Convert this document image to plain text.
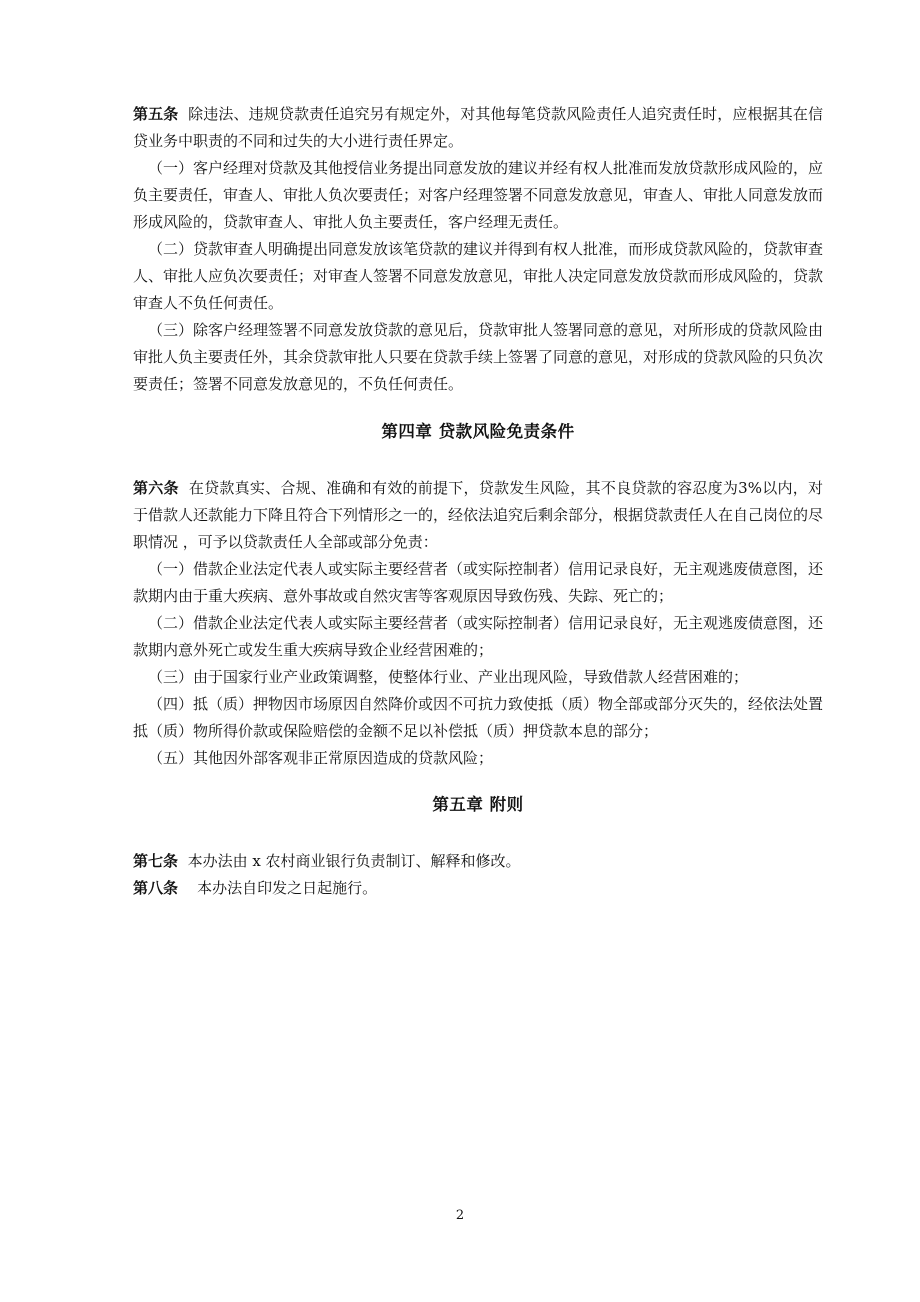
第五条 除违法、违规贷款责任追究另有规定外，对其他每笔贷款风险责任人追究责任时，应根据其在信贷业务中职责的不同和过失的大小进行责任界定。

（一）客户经理对贷款及其他授信业务提出同意发放的建议并经有权人批准而发放贷款形成风险的，应负主要责任，审查人、审批人负次要责任；对客户经理签署不同意发放意见，审查人、审批人同意发放而形成风险的，贷款审查人、审批人负主要责任，客户经理无责任。

（二）贷款审查人明确提出同意发放该笔贷款的建议并得到有权人批准，而形成贷款风险的，贷款审查人、审批人应负次要责任；对审查人签署不同意发放意见，审批人决定同意发放贷款而形成风险的，贷款审查人不负任何责任。

（三）除客户经理签署不同意发放贷款的意见后，贷款审批人签署同意的意见，对所形成的贷款风险由审批人负主要责任外，其余贷款审批人只要在贷款手续上签署了同意的意见，对形成的贷款风险的只负次要责任；签署不同意发放意见的，不负任何责任。

第四章 贷款风险免责条件

第六条 在贷款真实、合规、准确和有效的前提下，贷款发生风险，其不良贷款的容忍度为3%以内，对于借款人还款能力下降且符合下列情形之一的，经依法追究后剩余部分，根据贷款责任人在自己岗位的尽职情况 ，可予以贷款责任人全部或部分免责：

（一）借款企业法定代表人或实际主要经营者（或实际控制者）信用记录良好，无主观逃废债意图，还款期内由于重大疾病、意外事故或自然灾害等客观原因导致伤残、失踪、死亡的；

（二）借款企业法定代表人或实际主要经营者（或实际控制者）信用记录良好，无主观逃废债意图，还款期内意外死亡或发生重大疾病导致企业经营困难的；

（三）由于国家行业产业政策调整，使整体行业、产业出现风险，导致借款人经营困难的；

（四）抵（质）押物因市场原因自然降价或因不可抗力致使抵（质）物全部或部分灭失的，经依法处置抵（质）物所得价款或保险赔偿的金额不足以补偿抵（质）押贷款本息的部分；

（五）其他因外部客观非正常原因造成的贷款风险；

第五章 附则

第七条 本办法由 x 农村商业银行负责制订、解释和修改。

第八条    本办法自印发之日起施行。

2
